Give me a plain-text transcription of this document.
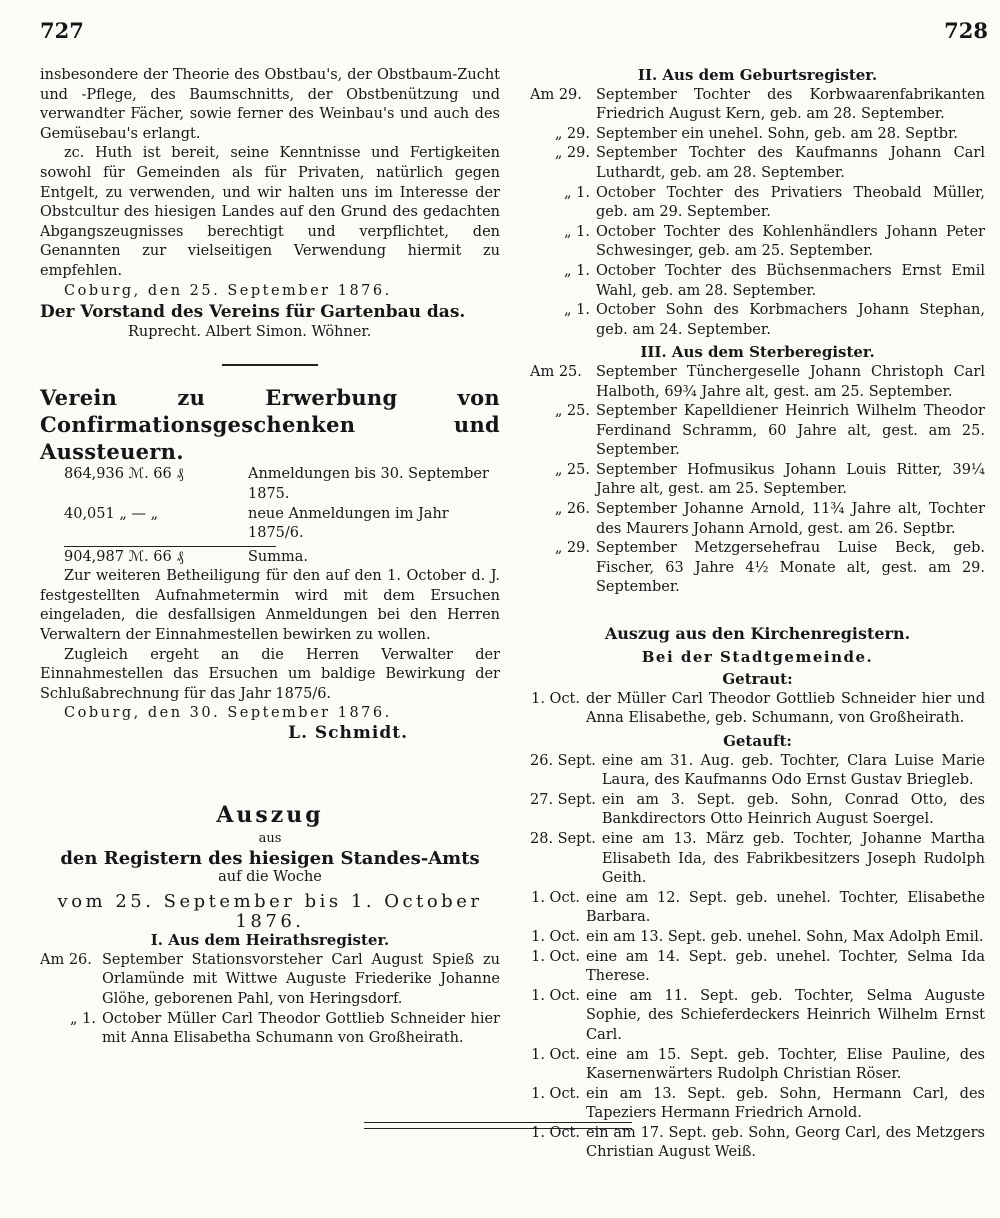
727	728

insbesondere der Theorie des Obstbau's, der Obstbaum-Zucht und -Pflege, des Baumschnitts, der Obstbenützung und verwandter Fächer, sowie ferner des Weinbau's und auch des Gemüsebau's erlangt.

zc. Huth ist bereit, seine Kenntnisse und Fertigkeiten sowohl für Gemeinden als für Privaten, natürlich gegen Entgelt, zu verwenden, und wir halten uns im Interesse der Obstcultur des hiesigen Landes auf den Grund des gedachten Abgangszeugnisses berechtigt und verpflichtet, den Genannten zur vielseitigen Verwendung hiermit zu empfehlen.

Coburg, den 25. September 1876.

Der Vorstand des Vereins für Gartenbau das.

Ruprecht. Albert Simon. Wöhner.

Verein zu Erwerbung von Confirmationsgeschenken und Aussteuern.

864,936 ℳ. 66 ₰	Anmeldungen bis 30. September 1875.
40,051 „ — „	neue Anmeldungen im Jahr 1875/6.
904,987 ℳ. 66 ₰	Summa.

Zur weiteren Betheiligung für den auf den 1. October d. J. festgestellten Aufnahmetermin wird mit dem Ersuchen eingeladen, die desfallsigen Anmeldungen bei den Herren Verwaltern der Einnahmestellen bewirken zu wollen.

Zugleich ergeht an die Herren Verwalter der Einnahmestellen das Ersuchen um baldige Bewirkung der Schlußabrechnung für das Jahr 1875/6.

Coburg, den 30. September 1876.

L. Schmidt.

Auszug

aus

den Registern des hiesigen Standes-Amts

auf die Woche

vom 25. September bis 1. October 1876.

I. Aus dem Heirathsregister.

Am 26. September Stationsvorsteher Carl August Spieß zu Orlamünde mit Wittwe Auguste Friederike Johanne Glöhe, geborenen Pahl, von Heringsdorf.
„ 1. October Müller Carl Theodor Gottlieb Schneider hier mit Anna Elisabetha Schumann von Großheirath.

II. Aus dem Geburtsregister.

Am 29. September Tochter des Korbwaarenfabrikanten Friedrich August Kern, geb. am 28. September.
„ 29. September ein unehel. Sohn, geb. am 28. Septbr.
„ 29. September Tochter des Kaufmanns Johann Carl Luthardt, geb. am 28. September.
„ 1. October Tochter des Privatiers Theobald Müller, geb. am 29. September.
„ 1. October Tochter des Kohlenhändlers Johann Peter Schwesinger, geb. am 25. September.
„ 1. October Tochter des Büchsenmachers Ernst Emil Wahl, geb. am 28. September.
„ 1. October Sohn des Korbmachers Johann Stephan, geb. am 24. September.

III. Aus dem Sterberegister.

Am 25. September Tünchergeselle Johann Christoph Carl Halboth, 69¾ Jahre alt, gest. am 25. September.
„ 25. September Kapelldiener Heinrich Wilhelm Theodor Ferdinand Schramm, 60 Jahre alt, gest. am 25. September.
„ 25. September Hofmusikus Johann Louis Ritter, 39¼ Jahre alt, gest. am 25. September.
„ 26. September Johanne Arnold, 11¾ Jahre alt, Tochter des Maurers Johann Arnold, gest. am 26. Septbr.
„ 29. September Metzgersehefrau Luise Beck, geb. Fischer, 63 Jahre 4½ Monate alt, gest. am 29. September.

Auszug aus den Kirchenregistern.

Bei der Stadtgemeinde.

Getraut:

1. Oct. der Müller Carl Theodor Gottlieb Schneider hier und Anna Elisabethe, geb. Schumann, von Großheirath.

Getauft:

26. Sept. eine am 31. Aug. geb. Tochter, Clara Luise Marie Laura, des Kaufmanns Odo Ernst Gustav Briegleb.
27. Sept. ein am 3. Sept. geb. Sohn, Conrad Otto, des Bankdirectors Otto Heinrich August Soergel.
28. Sept. eine am 13. März geb. Tochter, Johanne Martha Elisabeth Ida, des Fabrikbesitzers Joseph Rudolph Geith.
1. Oct. eine am 12. Sept. geb. unehel. Tochter, Elisabethe Barbara.
1. Oct. ein am 13. Sept. geb. unehel. Sohn, Max Adolph Emil.
1. Oct. eine am 14. Sept. geb. unehel. Tochter, Selma Ida Therese.
1. Oct. eine am 11. Sept. geb. Tochter, Selma Auguste Sophie, des Schieferdeckers Heinrich Wilhelm Ernst Carl.
1. Oct. eine am 15. Sept. geb. Tochter, Elise Pauline, des Kasernenwärters Rudolph Christian Röser.
1. Oct. ein am 13. Sept. geb. Sohn, Hermann Carl, des Tapeziers Hermann Friedrich Arnold.
1. Oct. ein am 17. Sept. geb. Sohn, Georg Carl, des Metzgers Christian August Weiß.
